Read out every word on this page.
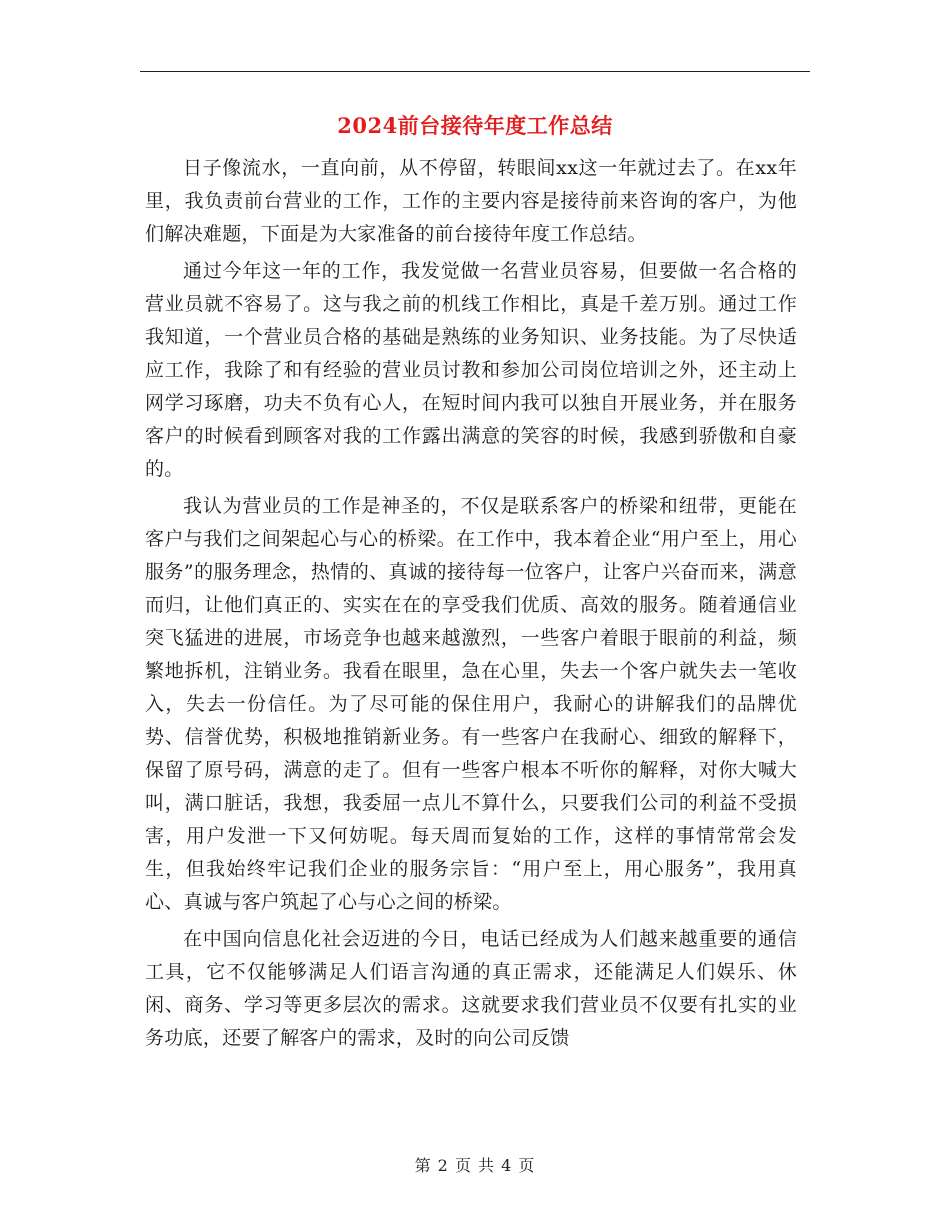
2024前台接待年度工作总结

日子像流水，一直向前，从不停留，转眼间xx这一年就过去了。在xx年里，我负责前台营业的工作，工作的主要内容是接待前来咨询的客户，为他们解决难题，下面是为大家准备的前台接待年度工作总结。

通过今年这一年的工作，我发觉做一名营业员容易，但要做一名合格的营业员就不容易了。这与我之前的机线工作相比，真是千差万别。通过工作我知道，一个营业员合格的基础是熟练的业务知识、业务技能。为了尽快适应工作，我除了和有经验的营业员讨教和参加公司岗位培训之外，还主动上网学习琢磨，功夫不负有心人，在短时间内我可以独自开展业务，并在服务客户的时候看到顾客对我的工作露出满意的笑容的时候，我感到骄傲和自豪的。

我认为营业员的工作是神圣的，不仅是联系客户的桥梁和纽带，更能在客户与我们之间架起心与心的桥梁。在工作中，我本着企业“用户至上，用心服务”的服务理念，热情的、真诚的接待每一位客户，让客户兴奋而来，满意而归，让他们真正的、实实在在的享受我们优质、高效的服务。随着通信业突飞猛进的进展，市场竞争也越来越激烈，一些客户着眼于眼前的利益，频繁地拆机，注销业务。我看在眼里，急在心里，失去一个客户就失去一笔收入，失去一份信任。为了尽可能的保住用户，我耐心的讲解我们的品牌优势、信誉优势，积极地推销新业务。有一些客户在我耐心、细致的解释下，保留了原号码，满意的走了。但有一些客户根本不听你的解释，对你大喊大叫，满口脏话，我想，我委屈一点儿不算什么，只要我们公司的利益不受损害，用户发泄一下又何妨呢。每天周而复始的工作，这样的事情常常会发生，但我始终牢记我们企业的服务宗旨：“用户至上，用心服务”，我用真心、真诚与客户筑起了心与心之间的桥梁。

在中国向信息化社会迈进的今日，电话已经成为人们越来越重要的通信工具，它不仅能够满足人们语言沟通的真正需求，还能满足人们娱乐、休闲、商务、学习等更多层次的需求。这就要求我们营业员不仅要有扎实的业务功底，还要了解客户的需求，及时的向公司反馈

第 2 页 共 4 页
